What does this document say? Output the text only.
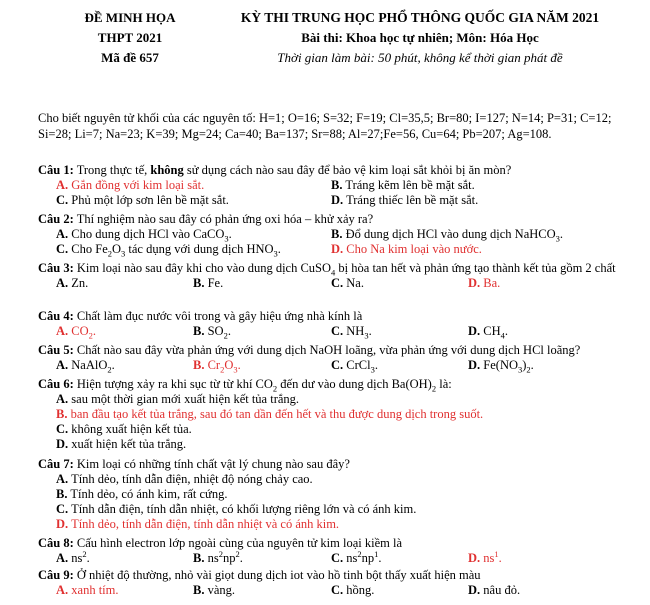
ĐỀ MINH HỌA
THPT 2021
Mã đề 657
KỲ THI TRUNG HỌC PHỔ THÔNG QUỐC GIA NĂM 2021
Bài thi: Khoa học tự nhiên; Môn: Hóa Học
Thời gian làm bài: 50 phút, không kể thời gian phát đề
Cho biết nguyên tử khối của các nguyên tố: H=1; O=16; S=32; F=19; Cl=35,5; Br=80; I=127; N=14; P=31; C=12; Si=28; Li=7; Na=23; K=39; Mg=24; Ca=40; Ba=137; Sr=88; Al=27;Fe=56, Cu=64; Pb=207; Ag=108.
Câu 1: Trong thực tế, không sử dụng cách nào sau đây để bảo vệ kim loại sắt khỏi bị ăn mòn?
A. Gắn đồng với kim loại sắt.	B. Tráng kẽm lên bề mặt sắt.
C. Phủ một lớp sơn lên bề mặt sắt.	D. Tráng thiếc lên bề mặt sắt.
Câu 2: Thí nghiệm nào sau đây có phản ứng oxi hóa – khử xảy ra?
A. Cho dung dịch HCl vào CaCO$_3$.	B. Đổ dung dịch HCl vào dung dịch NaHCO$_3$.
C. Cho $Fe_2O_3$ tác dụng với dung dịch $HNO_3$.	D. Cho Na kim loại vào nước.
Câu 3: Kim loại nào sau đây khi cho vào dung dịch CuSO$_4$ bị hòa tan hết và phản ứng tạo thành kết tủa gồm 2 chất
A. Zn.	B. Fe.	C. Na.	D. Ba.
Câu 4: Chất làm đục nước vôi trong và gây hiệu ứng nhà kính là
A. $CO_2$.	B. $SO_2$.	C. $NH_3$.	D. $CH_4$.
Câu 5: Chất nào sau đây vừa phản ứng với dung dịch NaOH loãng, vừa phản ứng với dung dịch HCl loãng?
A. NaAlO$_2$.	B. $Cr_2O_3$.	C. CrCl$_3$.	D. $Fe(NO_3)_2$.
Câu 6: Hiện tượng xảy ra khi sục từ từ khí $CO_2$ đến dư vào dung dịch $Ba(OH)_2$ là:
A. sau một thời gian mới xuất hiện kết tủa trắng.
B. ban đầu tạo kết tủa trắng, sau đó tan dần đến hết và thu được dung dịch trong suốt.
C. không xuất hiện kết tủa.
D. xuất hiện kết tủa trắng.
Câu 7: Kim loại có những tính chất vật lý chung nào sau đây?
A. Tính dẻo, tính dẫn điện, nhiệt độ nóng chảy cao.
B. Tính dẻo, có ánh kim, rất cứng.
C. Tính dẫn điện, tính dẫn nhiệt, có khối lượng riêng lớn và có ánh kim.
D. Tính dẻo, tính dẫn điện, tính dẫn nhiệt và có ánh kim.
Câu 8: Cấu hình electron lớp ngoài cùng của nguyên tử kim loại kiềm là
A. $ns^2$.	B. $ns^2np^2$.	C. $ns^2np^1$.	D. $ns^1$.
Câu 9: Ở nhiệt độ thường, nhỏ vài giọt dung dịch iot vào hồ tinh bột thấy xuất hiện màu
A. xanh tím.	B. vàng.	C. hồng.	D. nâu đỏ.
